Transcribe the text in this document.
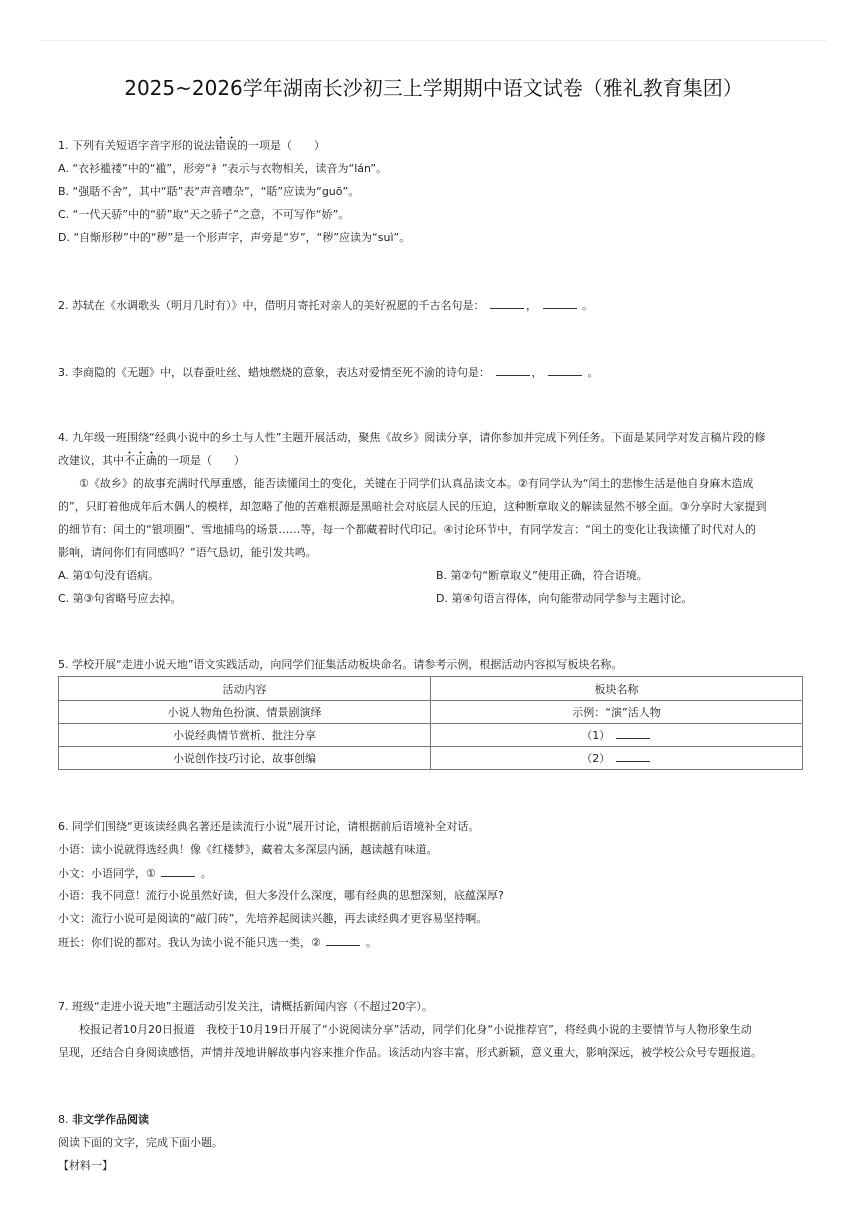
2025~2026学年湖南长沙初三上学期期中语文试卷（雅礼教育集团）
1. 下列有关短语字音字形的说法错误的一项是（　　）
A. “衣衫褴褛”中的“褴”，形旁“衤”表示与衣物相关，读音为“lán”。
B. “强聒不舍”，其中“聒”表“声音嘈杂”，“聒”应读为“guō”。
C. “一代天骄”中的“骄”取“天之骄子”之意，不可写作“娇”。
D. “自惭形秽”中的“秽”是一个形声字，声旁是“岁”，“秽”应读为“suì”。
2. 苏轼在《水调歌头（明月几时有）》中，借明月寄托对亲人的美好祝愿的千古名句是：	，	。
3. 李商隐的《无题》中，以春蚕吐丝、蜡烛燃烧的意象，表达对爱情至死不渝的诗句是：	，	。
4. 九年级一班围绕“经典小说中的乡土与人性”主题开展活动，聚焦《故乡》阅读分享，请你参加并完成下列任务。下面是某同学对发言稿片段的修
改建议，其中不正确的一项是（　　）
①《故乡》的故事充满时代厚重感，能否读懂闰土的变化，关键在于同学们认真品读文本。②有同学认为“闰土的悲惨生活是他自身麻木造成
的”，只盯着他成年后木偶人的模样，却忽略了他的苦难根源是黑暗社会对底层人民的压迫，这种断章取义的解读显然不够全面。③分享时大家提到
的细节有：闰土的“银项圈”、雪地捕鸟的场景……等，每一个都藏着时代印记。④讨论环节中，有同学发言：“闰土的变化让我读懂了时代对人的
影响，请问你们有同感吗？”语气恳切，能引发共鸣。
A. 第①句没有语病。	B. 第②句“断章取义”使用正确，符合语境。
C. 第③句省略号应去掉。	D. 第④句语言得体，向句能带动同学参与主题讨论。
5. 学校开展“走进小说天地”语文实践活动，向同学们征集活动板块命名。请参考示例，根据活动内容拟写板块名称。
活动内容	板块名称
小说人物角色扮演、情景剧演绎	示例：“演”活人物
小说经典情节赏析、批注分享	（1）
小说创作技巧讨论、故事创编	（2）
6. 同学们围绕“更该读经典名著还是读流行小说”展开讨论，请根据前后语境补全对话。
小语：读小说就得选经典！像《红楼梦》，藏着太多深层内涵，越读越有味道。
小文：小语同学，①	。
小语：我不同意！流行小说虽然好读，但大多没什么深度，哪有经典的思想深刻，底蕴深厚?
小文：流行小说可是阅读的“敲门砖”，先培养起阅读兴趣，再去读经典才更容易坚持啊。
班长：你们说的都对。我认为读小说不能只选一类，②	。
7. 班级“走进小说天地”主题活动引发关注，请概括新闻内容（不超过20字）。
校报记者10月20日报道　我校于10月19日开展了“小说阅读分享”活动，同学们化身“小说推荐官”，将经典小说的主要情节与人物形象生动
呈现，还结合自身阅读感悟，声情并茂地讲解故事内容来推介作品。该活动内容丰富，形式新颖，意义重大，影响深远，被学校公众号专题报道。
8. 非文学作品阅读
阅读下面的文字，完成下面小题。
【材料一】
